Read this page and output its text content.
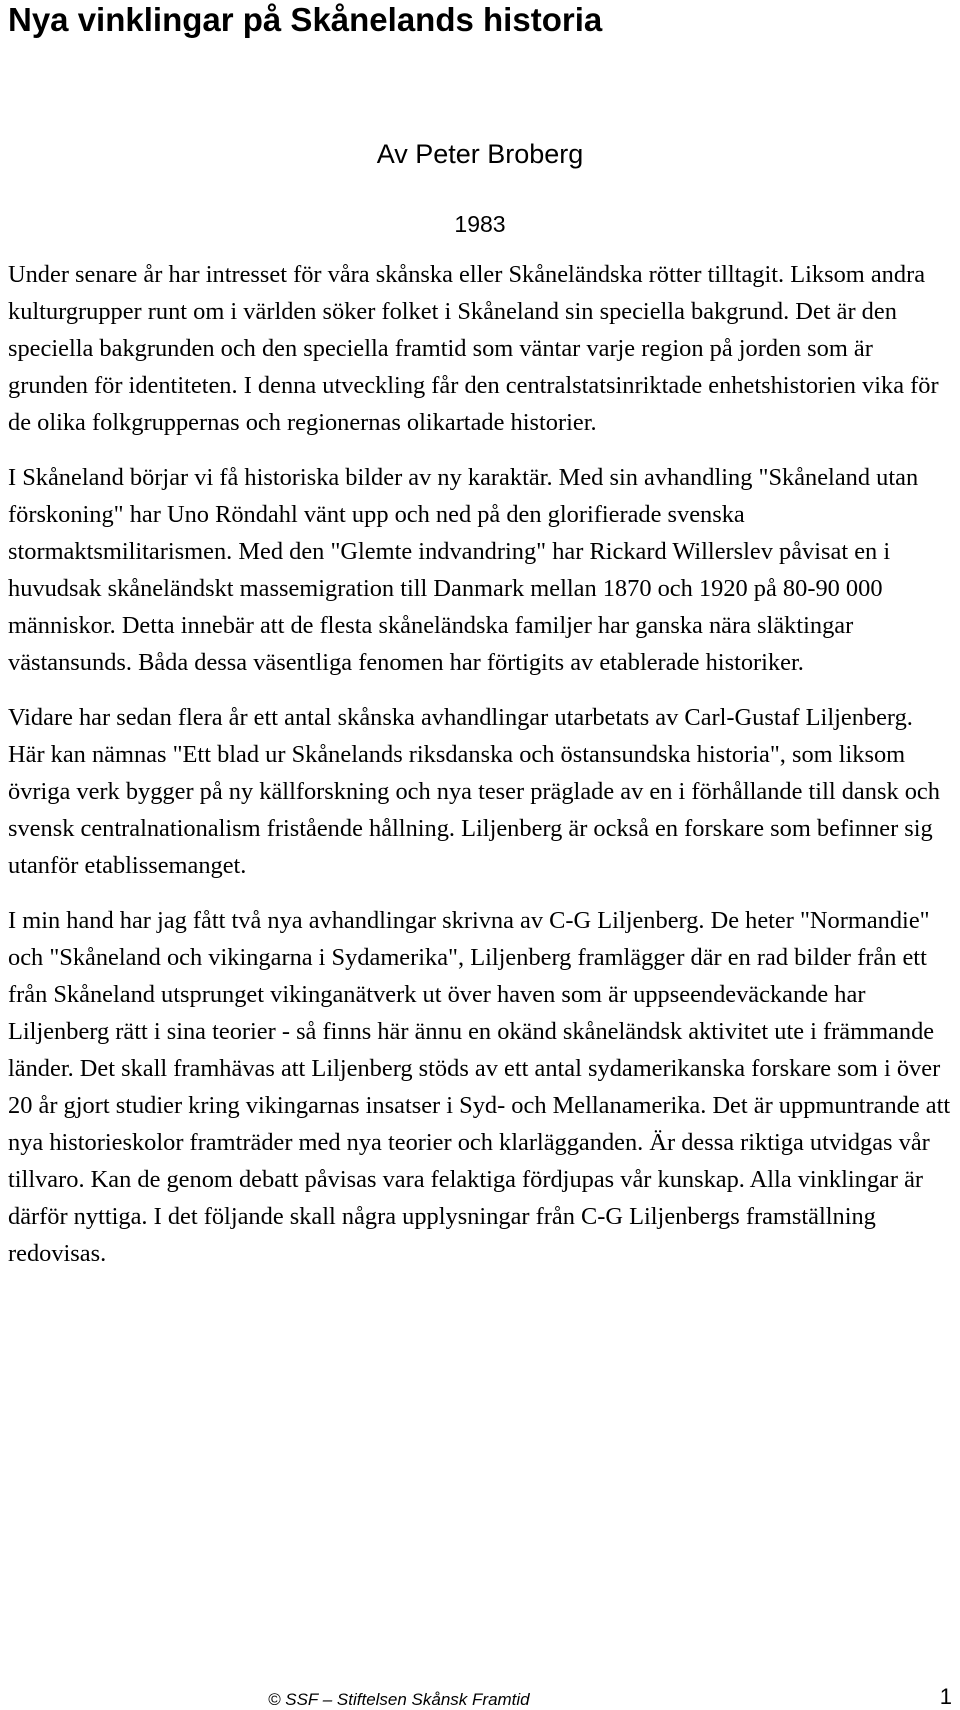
Nya vinklingar på Skånelands historia
Av Peter Broberg
1983

Under senare år har intresset för våra skånska eller Skåneländska rötter tilltagit. Liksom andra kulturgrupper runt om i världen söker folket i Skåneland sin speciella bakgrund. Det är den speciella bakgrunden och den speciella framtid som väntar varje region på jorden som är grunden för identiteten. I denna utveckling får den centralstatsinriktade enhetshistorien vika för de olika folkgruppernas och regionernas olikartade historier.

I Skåneland börjar vi få historiska bilder av ny karaktär. Med sin avhandling "Skåneland utan förskoning" har Uno Röndahl vänt upp och ned på den glorifierade svenska stormaktsmilitarismen. Med den "Glemte indvandring" har Rickard Willerslev påvisat en i huvudsak skåneländskt massemigration till Danmark mellan 1870 och 1920 på 80-90 000 människor. Detta innebär att de flesta skåneländska familjer har ganska nära släktingar västansunds. Båda dessa väsentliga fenomen har förtigits av etablerade historiker.

Vidare har sedan flera år ett antal skånska avhandlingar utarbetats av Carl-Gustaf Liljenberg. Här kan nämnas "Ett blad ur Skånelands riksdanska och östansundska historia", som liksom övriga verk bygger på ny källforskning och nya teser präglade av en i förhållande till dansk och svensk centralnationalism fristående hållning. Liljenberg är också en forskare som befinner sig utanför etablissemanget.

I min hand har jag fått två nya avhandlingar skrivna av C-G Liljenberg. De heter "Normandie" och "Skåneland och vikingarna i Sydamerika", Liljenberg framlägger där en rad bilder från ett från Skåneland utsprunget vikinganätverk ut över haven som är uppseendeväckande har Liljenberg rätt i sina teorier - så finns här ännu en okänd skåneländsk aktivitet ute i främmande länder. Det skall framhävas att Liljenberg stöds av ett antal sydamerikanska forskare som i över 20 år gjort studier kring vikingarnas insatser i Syd- och Mellanamerika. Det är uppmuntrande att nya historieskolor framträder med nya teorier och klarlägganden. Är dessa riktiga utvidgas vår tillvaro. Kan de genom debatt påvisas vara felaktiga fördjupas vår kunskap. Alla vinklingar är därför nyttiga. I det följande skall några upplysningar från C-G Liljenbergs framställning redovisas.

© SSF – Stiftelsen Skånsk Framtid	1
